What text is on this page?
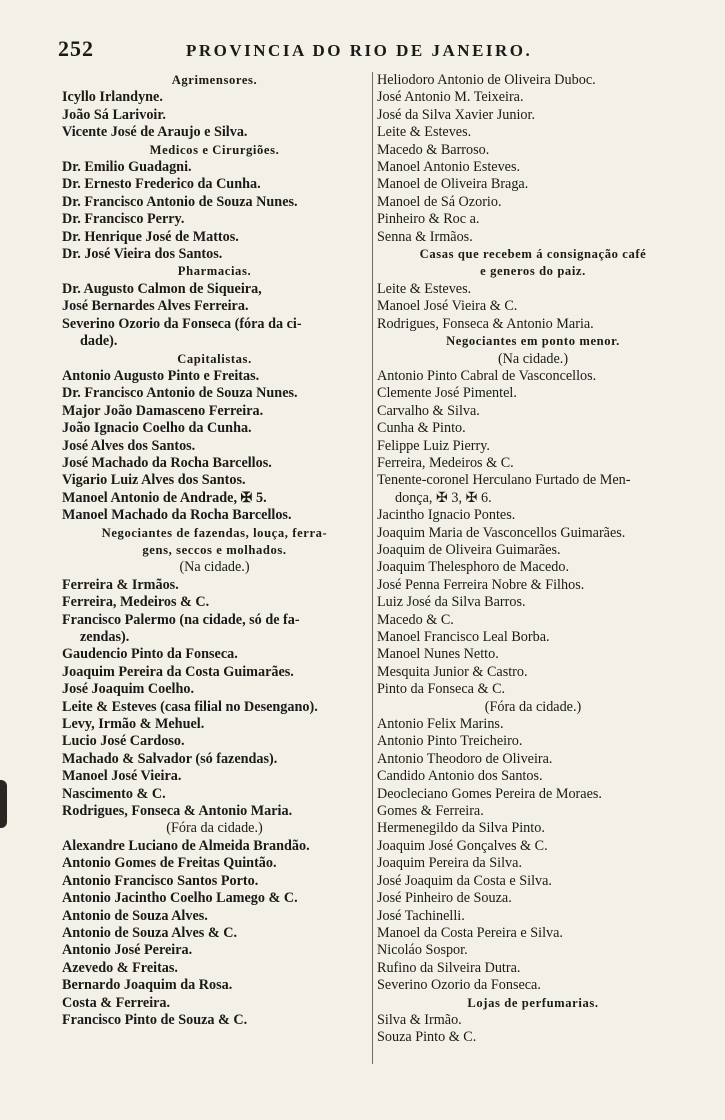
252	PROVINCIA DO RIO DE JANEIRO.
Agrimensores.
Icyllo Irlandyne.
João Sá Larivoir.
Vicente José de Araujo e Silva.
Medicos e Cirurgiões.
Dr. Emilio Guadagni.
Dr. Ernesto Frederico da Cunha.
Dr. Francisco Antonio de Souza Nunes.
Dr. Francisco Perry.
Dr. Henrique José de Mattos.
Dr. José Vieira dos Santos.
Pharmacias.
Dr. Augusto Calmon de Siqueira,
José Bernardes Alves Ferreira.
Severino Ozorio da Fonseca (fóra da ci-
dade).
Capitalistas.
Antonio Augusto Pinto e Freitas.
Dr. Francisco Antonio de Souza Nunes.
Major João Damasceno Ferreira.
João Ignacio Coelho da Cunha.
José Alves dos Santos.
José Machado da Rocha Barcellos.
Vigario Luiz Alves dos Santos.
Manoel Antonio de Andrade, ✠ 5.
Manoel Machado da Rocha Barcellos.
Negociantes de fazendas, louça, ferra-
gens, seccos e molhados.
(Na cidade.)
Ferreira & Irmãos.
Ferreira, Medeiros & C.
Francisco Palermo (na cidade, só de fa-
zendas).
Gaudencio Pinto da Fonseca.
Joaquim Pereira da Costa Guimarães.
José Joaquim Coelho.
Leite & Esteves (casa filial no Desengano).
Levy, Irmão & Mehuel.
Lucio José Cardoso.
Machado & Salvador (só fazendas).
Manoel José Vieira.
Nascimento & C.
Rodrigues, Fonseca & Antonio Maria.
(Fóra da cidade.)
Alexandre Luciano de Almeida Brandão.
Antonio Gomes de Freitas Quintão.
Antonio Francisco Santos Porto.
Antonio Jacintho Coelho Lamego & C.
Antonio de Souza Alves.
Antonio de Souza Alves & C.
Antonio José Pereira.
Azevedo & Freitas.
Bernardo Joaquim da Rosa.
Costa & Ferreira.
Francisco Pinto de Souza & C.
Heliodoro Antonio de Oliveira Duboc.
José Antonio M. Teixeira.
José da Silva Xavier Junior.
Leite & Esteves.
Macedo & Barroso.
Manoel Antonio Esteves.
Manoel de Oliveira Braga.
Manoel de Sá Ozorio.
Pinheiro & Roc a.
Senna & Irmãos.
Casas que recebem á consignação café
e generos do paiz.
Leite & Esteves.
Manoel José Vieira & C.
Rodrigues, Fonseca & Antonio Maria.
Negociantes em ponto menor.
(Na cidade.)
Antonio Pinto Cabral de Vasconcellos.
Clemente José Pimentel.
Carvalho & Silva.
Cunha & Pinto.
Felippe Luiz Pierry.
Ferreira, Medeiros & C.
Tenente-coronel Herculano Furtado de Men-
donça, ✠ 3, ✠ 6.
Jacintho Ignacio Pontes.
Joaquim Maria de Vasconcellos Guimarães.
Joaquim de Oliveira Guimarães.
Joaquim Thelesphoro de Macedo.
José Penna Ferreira Nobre & Filhos.
Luiz José da Silva Barros.
Macedo & C.
Manoel Francisco Leal Borba.
Manoel Nunes Netto.
Mesquita Junior & Castro.
Pinto da Fonseca & C.
(Fóra da cidade.)
Antonio Felix Marins.
Antonio Pinto Treicheiro.
Antonio Theodoro de Oliveira.
Candido Antonio dos Santos.
Deocleciano Gomes Pereira de Moraes.
Gomes & Ferreira.
Hermenegildo da Silva Pinto.
Joaquim José Gonçalves & C.
Joaquim Pereira da Silva.
José Joaquim da Costa e Silva.
José Pinheiro de Souza.
José Tachinelli.
Manoel da Costa Pereira e Silva.
Nicoláo Sospor.
Rufino da Silveira Dutra.
Severino Ozorio da Fonseca.
Lojas de perfumarias.
Silva & Irmão.
Souza Pinto & C.
